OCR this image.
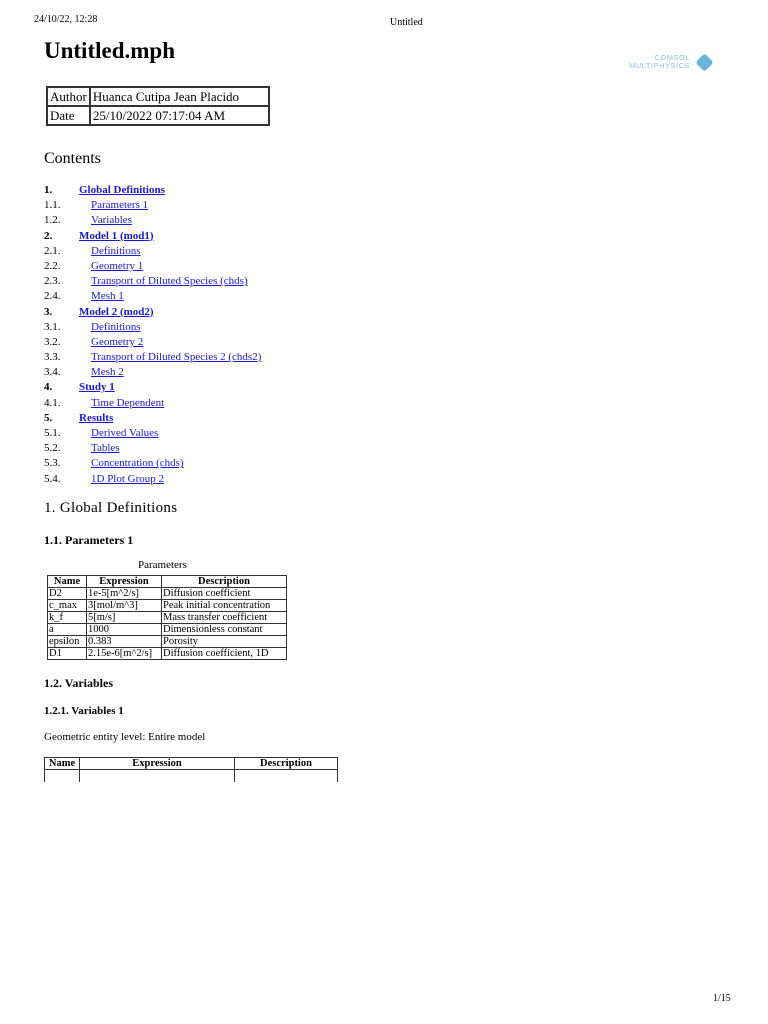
24/10/22, 12:28	Untitled
Untitled.mph	COMSOL
MULTIPHYSICS
Author	Huanca Cutipa Jean Placido
Date	25/10/2022 07:17:04 AM
Contents
1. Global Definitions
1.1.	Parameters 1
1.2.	Variables
2. Model 1 (mod1)
2.1.	Definitions
2.2.	Geometry 1
2.3.	Transport of Diluted Species (chds)
2.4.	Mesh 1
3. Model 2 (mod2)
3.1.	Definitions
3.2.	Geometry 2
3.3.	Transport of Diluted Species 2 (chds2)
3.4.	Mesh 2
4. Study 1
4.1.	Time Dependent
5. Results
5.1.	Derived Values
5.2.	Tables
5.3.	Concentration (chds)
5.4.	1D Plot Group 2
1. Global Definitions
1.1. Parameters 1
Parameters
Name	Expression	Description
D2	1e-5[m^2/s]	Diffusion coefficient
c_max	3[mol/m^3]	Peak initial concentration
k_f	5[m/s]	Mass transfer coefficient
a	1000	Dimensionless constant
epsilon	0.383	Porosity
D1	2.15e-6[m^2/s]	Diffusion coefficient, 1D
1.2. Variables
1.2.1. Variables 1
Geometric entity level: Entire model
Name	Expression	Description

1/15
